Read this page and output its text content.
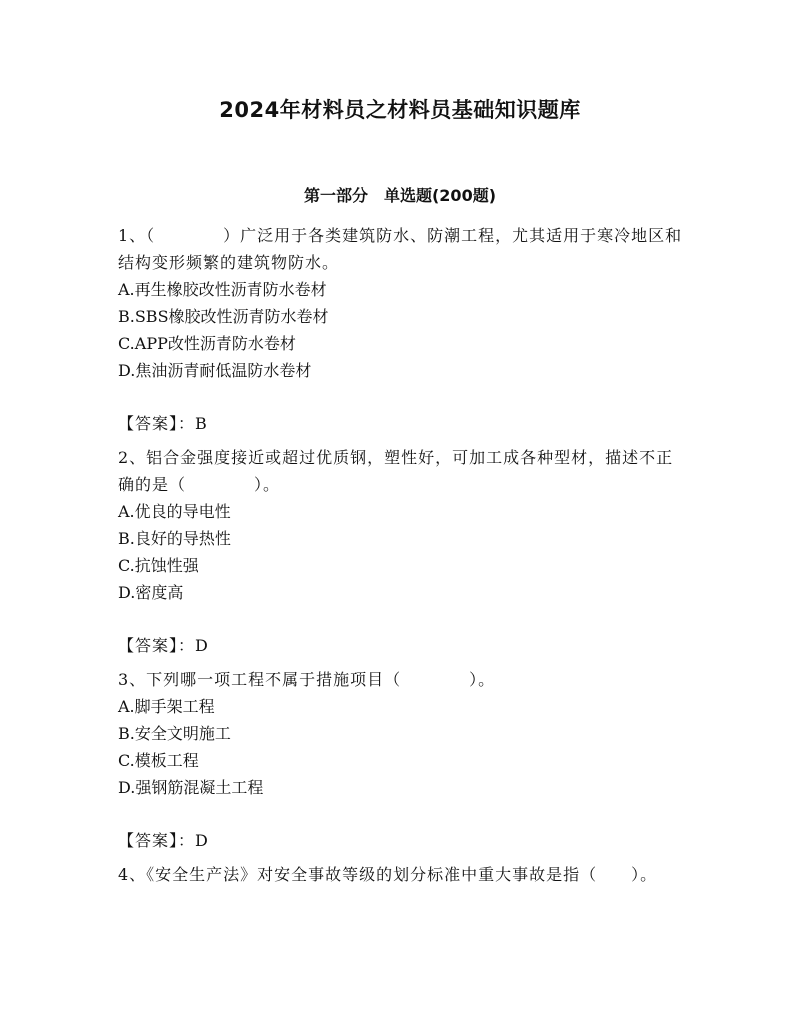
2024年材料员之材料员基础知识题库
第一部分　单选题(200题)

1、（　　　　）广泛用于各类建筑防水、防潮工程，尤其适用于寒冷地区和结构变形频繁的建筑物防水。

A.再生橡胶改性沥青防水卷材
B.SBS橡胶改性沥青防水卷材
C.APP改性沥青防水卷材
D.焦油沥青耐低温防水卷材

【答案】：B

2、铝合金强度接近或超过优质钢，塑性好，可加工成各种型材，描述不正确的是（　　　　）。

A.优良的导电性
B.良好的导热性
C.抗蚀性强
D.密度高

【答案】：D

3、下列哪一项工程不属于措施项目（　　　　）。

A.脚手架工程
B.安全文明施工
C.模板工程
D.强钢筋混凝土工程

【答案】：D

4、《安全生产法》对安全事故等级的划分标准中重大事故是指（　　）。
